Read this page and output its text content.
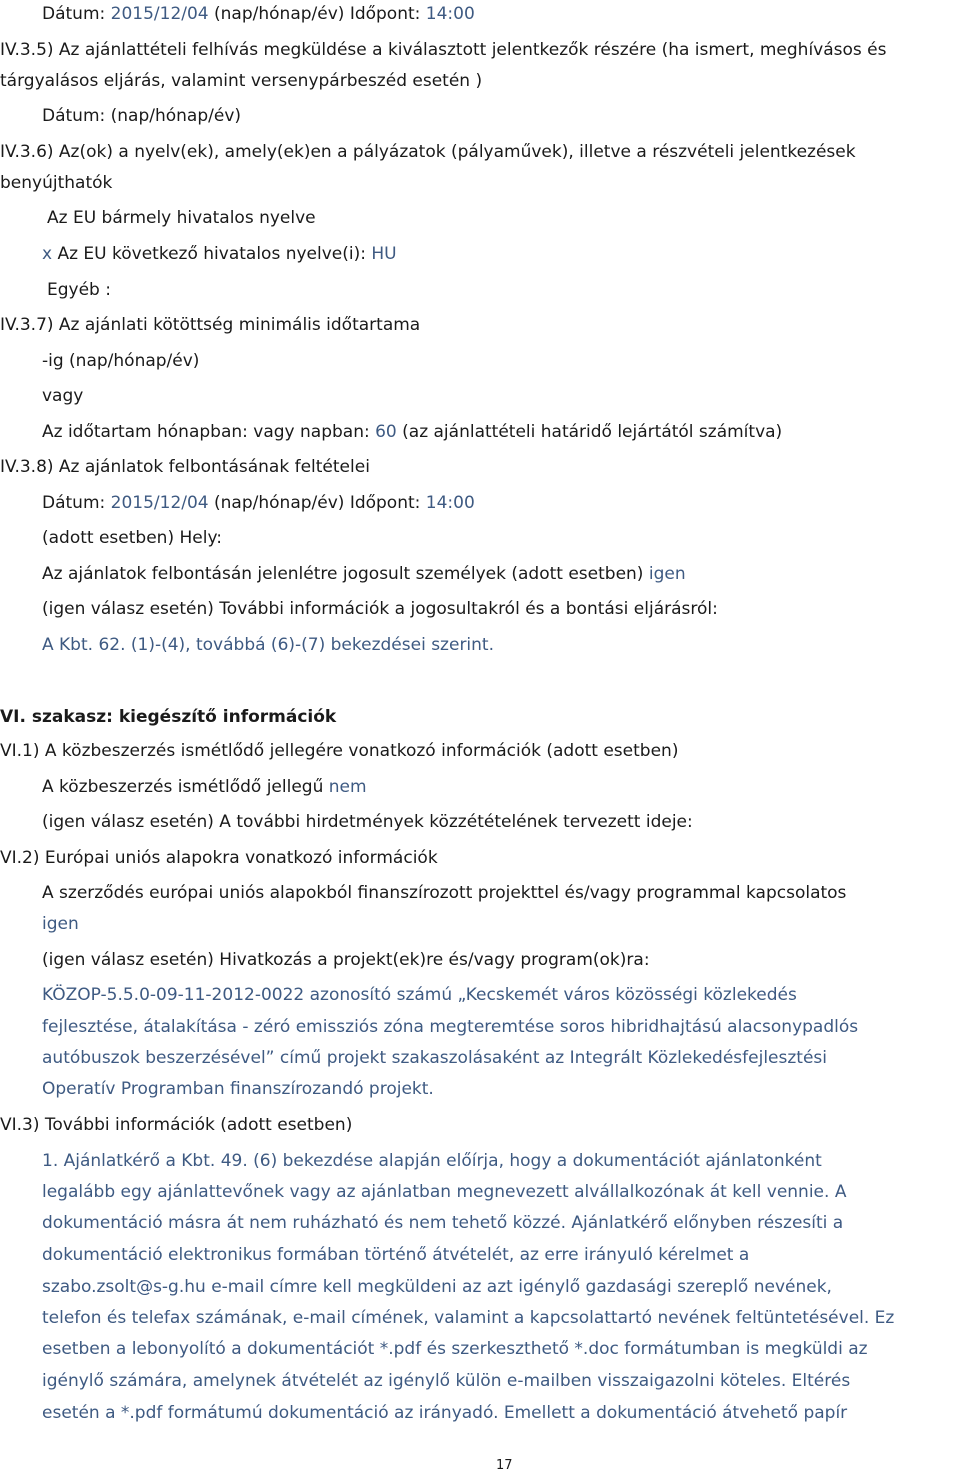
Dátum: 2015/12/04 (nap/hónap/év) Időpont: 14:00
IV.3.5) Az ajánlattételi felhívás megküldése a kiválasztott jelentkezők részére (ha ismert, meghívásos és
tárgyalásos eljárás, valamint versenypárbeszéd esetén )
Dátum: (nap/hónap/év)
IV.3.6) Az(ok) a nyelv(ek), amely(ek)en a pályázatok (pályaművek), illetve a részvételi jelentkezések
benyújthatók
Az EU bármely hivatalos nyelve
x Az EU következő hivatalos nyelve(i): HU
Egyéb :
IV.3.7) Az ajánlati kötöttség minimális időtartama
-ig (nap/hónap/év)
vagy
Az időtartam hónapban: vagy napban: 60 (az ajánlattételi határidő lejártától számítva)
IV.3.8) Az ajánlatok felbontásának feltételei
Dátum: 2015/12/04 (nap/hónap/év) Időpont: 14:00
(adott esetben) Hely:
Az ajánlatok felbontásán jelenlétre jogosult személyek (adott esetben) igen
(igen válasz esetén) További információk a jogosultakról és a bontási eljárásról:
A Kbt. 62. (1)-(4), továbbá (6)-(7) bekezdései szerint.
VI. szakasz: kiegészítő információk
VI.1) A közbeszerzés ismétlődő jellegére vonatkozó információk (adott esetben)
A közbeszerzés ismétlődő jellegű nem
(igen válasz esetén) A további hirdetmények közzétételének tervezett ideje:
VI.2) Európai uniós alapokra vonatkozó információk
A szerződés európai uniós alapokból finanszírozott projekttel és/vagy programmal kapcsolatos
igen
(igen válasz esetén) Hivatkozás a projekt(ek)re és/vagy program(ok)ra:
KÖZOP-5.5.0-09-11-2012-0022 azonosító számú „Kecskemét város közösségi közlekedés
fejlesztése, átalakítása - zéró emissziós zóna megteremtése soros hibridhajtású alacsonypadlós
autóbuszok beszerzésével” című projekt szakaszolásaként az Integrált Közlekedésfejlesztési
Operatív Programban finanszírozandó projekt.
VI.3) További információk (adott esetben)
1. Ajánlatkérő a Kbt. 49. (6) bekezdése alapján előírja, hogy a dokumentációt ajánlatonként
legalább egy ajánlattevőnek vagy az ajánlatban megnevezett alvállalkozónak át kell vennie. A
dokumentáció másra át nem ruházható és nem tehető közzé. Ajánlatkérő előnyben részesíti a
dokumentáció elektronikus formában történő átvételét, az erre irányuló kérelmet a
szabo.zsolt@s-g.hu e-mail címre kell megküldeni az azt igénylő gazdasági szereplő nevének,
telefon és telefax számának, e-mail címének, valamint a kapcsolattartó nevének feltüntetésével. Ez
esetben a lebonyolító a dokumentációt *.pdf és szerkeszthető *.doc formátumban is megküldi az
igénylő számára, amelynek átvételét az igénylő külön e-mailben visszaigazolni köteles. Eltérés
esetén a *.pdf formátumú dokumentáció az irányadó. Emellett a dokumentáció átvehető papír
17
